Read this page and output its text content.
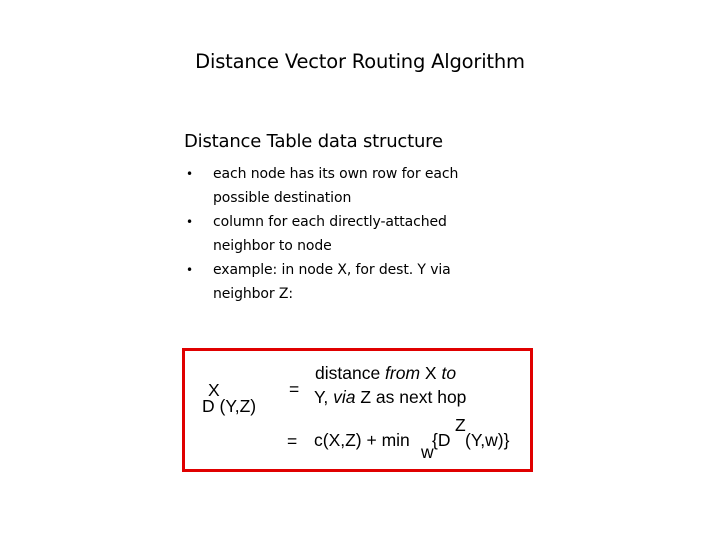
Distance Vector Routing Algorithm
Distance Table data structure
• each node has its own row for each
possible destination
• column for each directly-attached
neighbor to node
• example: in node X, for dest. Y via
neighbor Z:
X
D (Y,Z)
=
distance from X to
Y, via Z as next hop
= c(X,Z) + min
w
{D
Z
(Y,w)}
